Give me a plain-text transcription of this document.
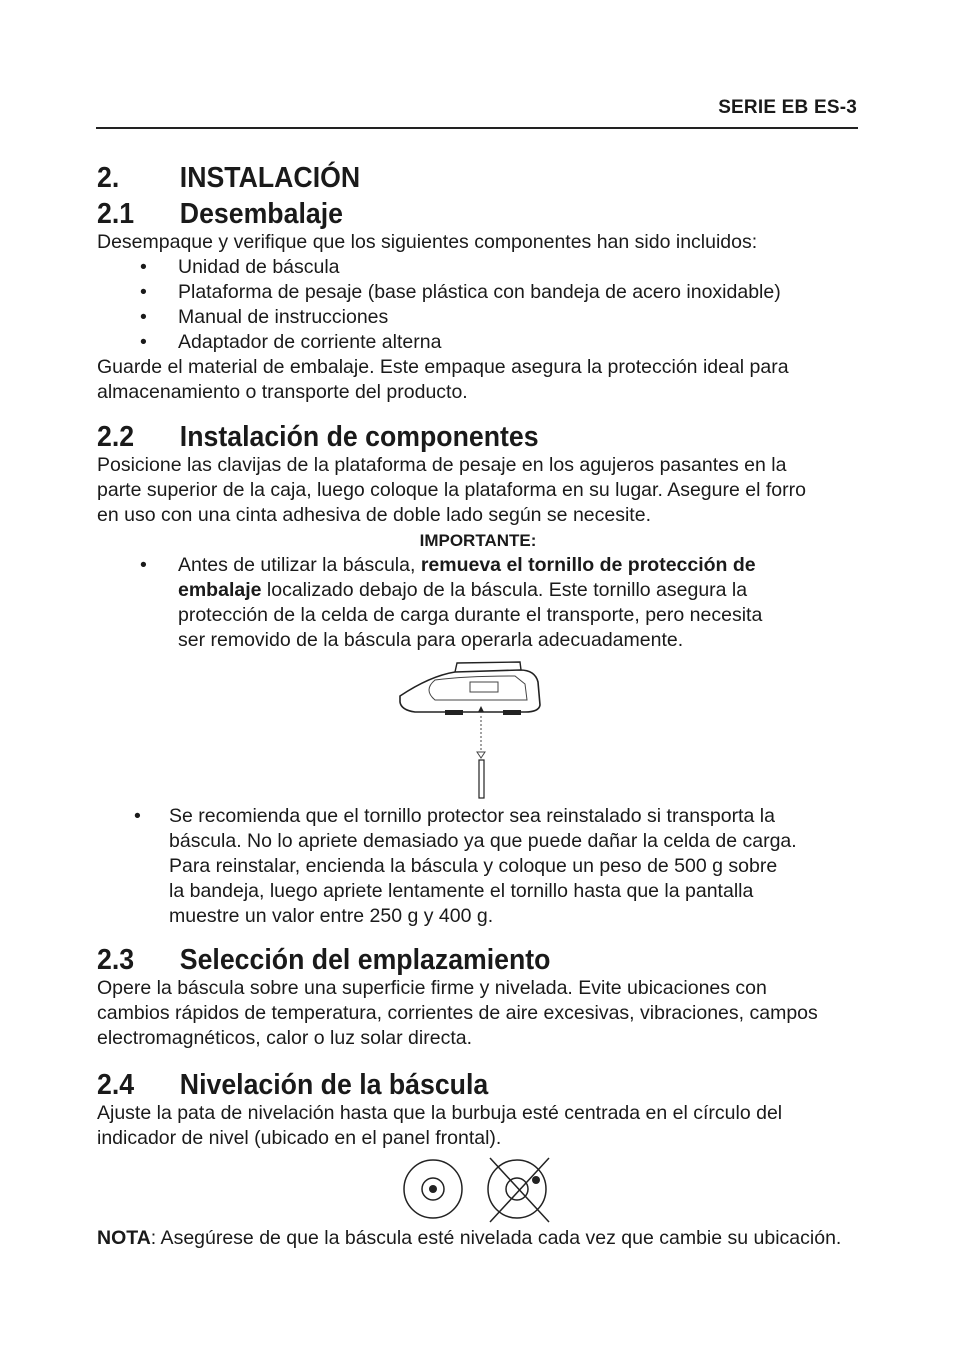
SERIE EB ES-3
2. INSTALACIÓN
2.1 Desembalaje
Desempaque y verifique que los siguientes componentes han sido incluidos:
• Unidad de báscula
• Plataforma de pesaje (base plástica con bandeja de acero inoxidable)
• Manual de instrucciones
• Adaptador de corriente alterna
Guarde el material de embalaje. Este empaque asegura la protección ideal para
almacenamiento o transporte del producto.
2.2 Instalación de componentes
Posicione las clavijas de la plataforma de pesaje en los agujeros pasantes en la
parte superior de la caja, luego coloque la plataforma en su lugar. Asegure el forro
en uso con una cinta adhesiva de doble lado según se necesite.
IMPORTANTE:
• Antes de utilizar la báscula, remueva el tornillo de protección de
embalaje localizado debajo de la báscula. Este tornillo asegura la
protección de la celda de carga durante el transporte, pero necesita
ser removido de la báscula para operarla adecuadamente.
• Se recomienda que el tornillo protector sea reinstalado si transporta la
báscula. No lo apriete demasiado ya que puede dañar la celda de carga.
Para reinstalar, encienda la báscula y coloque un peso de 500 g sobre
la bandeja, luego apriete lentamente el tornillo hasta que la pantalla
muestre un valor entre 250 g y 400 g.
2.3 Selección del emplazamiento
Opere la báscula sobre una superficie firme y nivelada. Evite ubicaciones con
cambios rápidos de temperatura, corrientes de aire excesivas, vibraciones, campos
electromagnéticos, calor o luz solar directa.
2.4 Nivelación de la báscula
Ajuste la pata de nivelación hasta que la burbuja esté centrada en el círculo del
indicador de nivel (ubicado en el panel frontal).
NOTA: Asegúrese de que la báscula esté nivelada cada vez que cambie su ubicación.
